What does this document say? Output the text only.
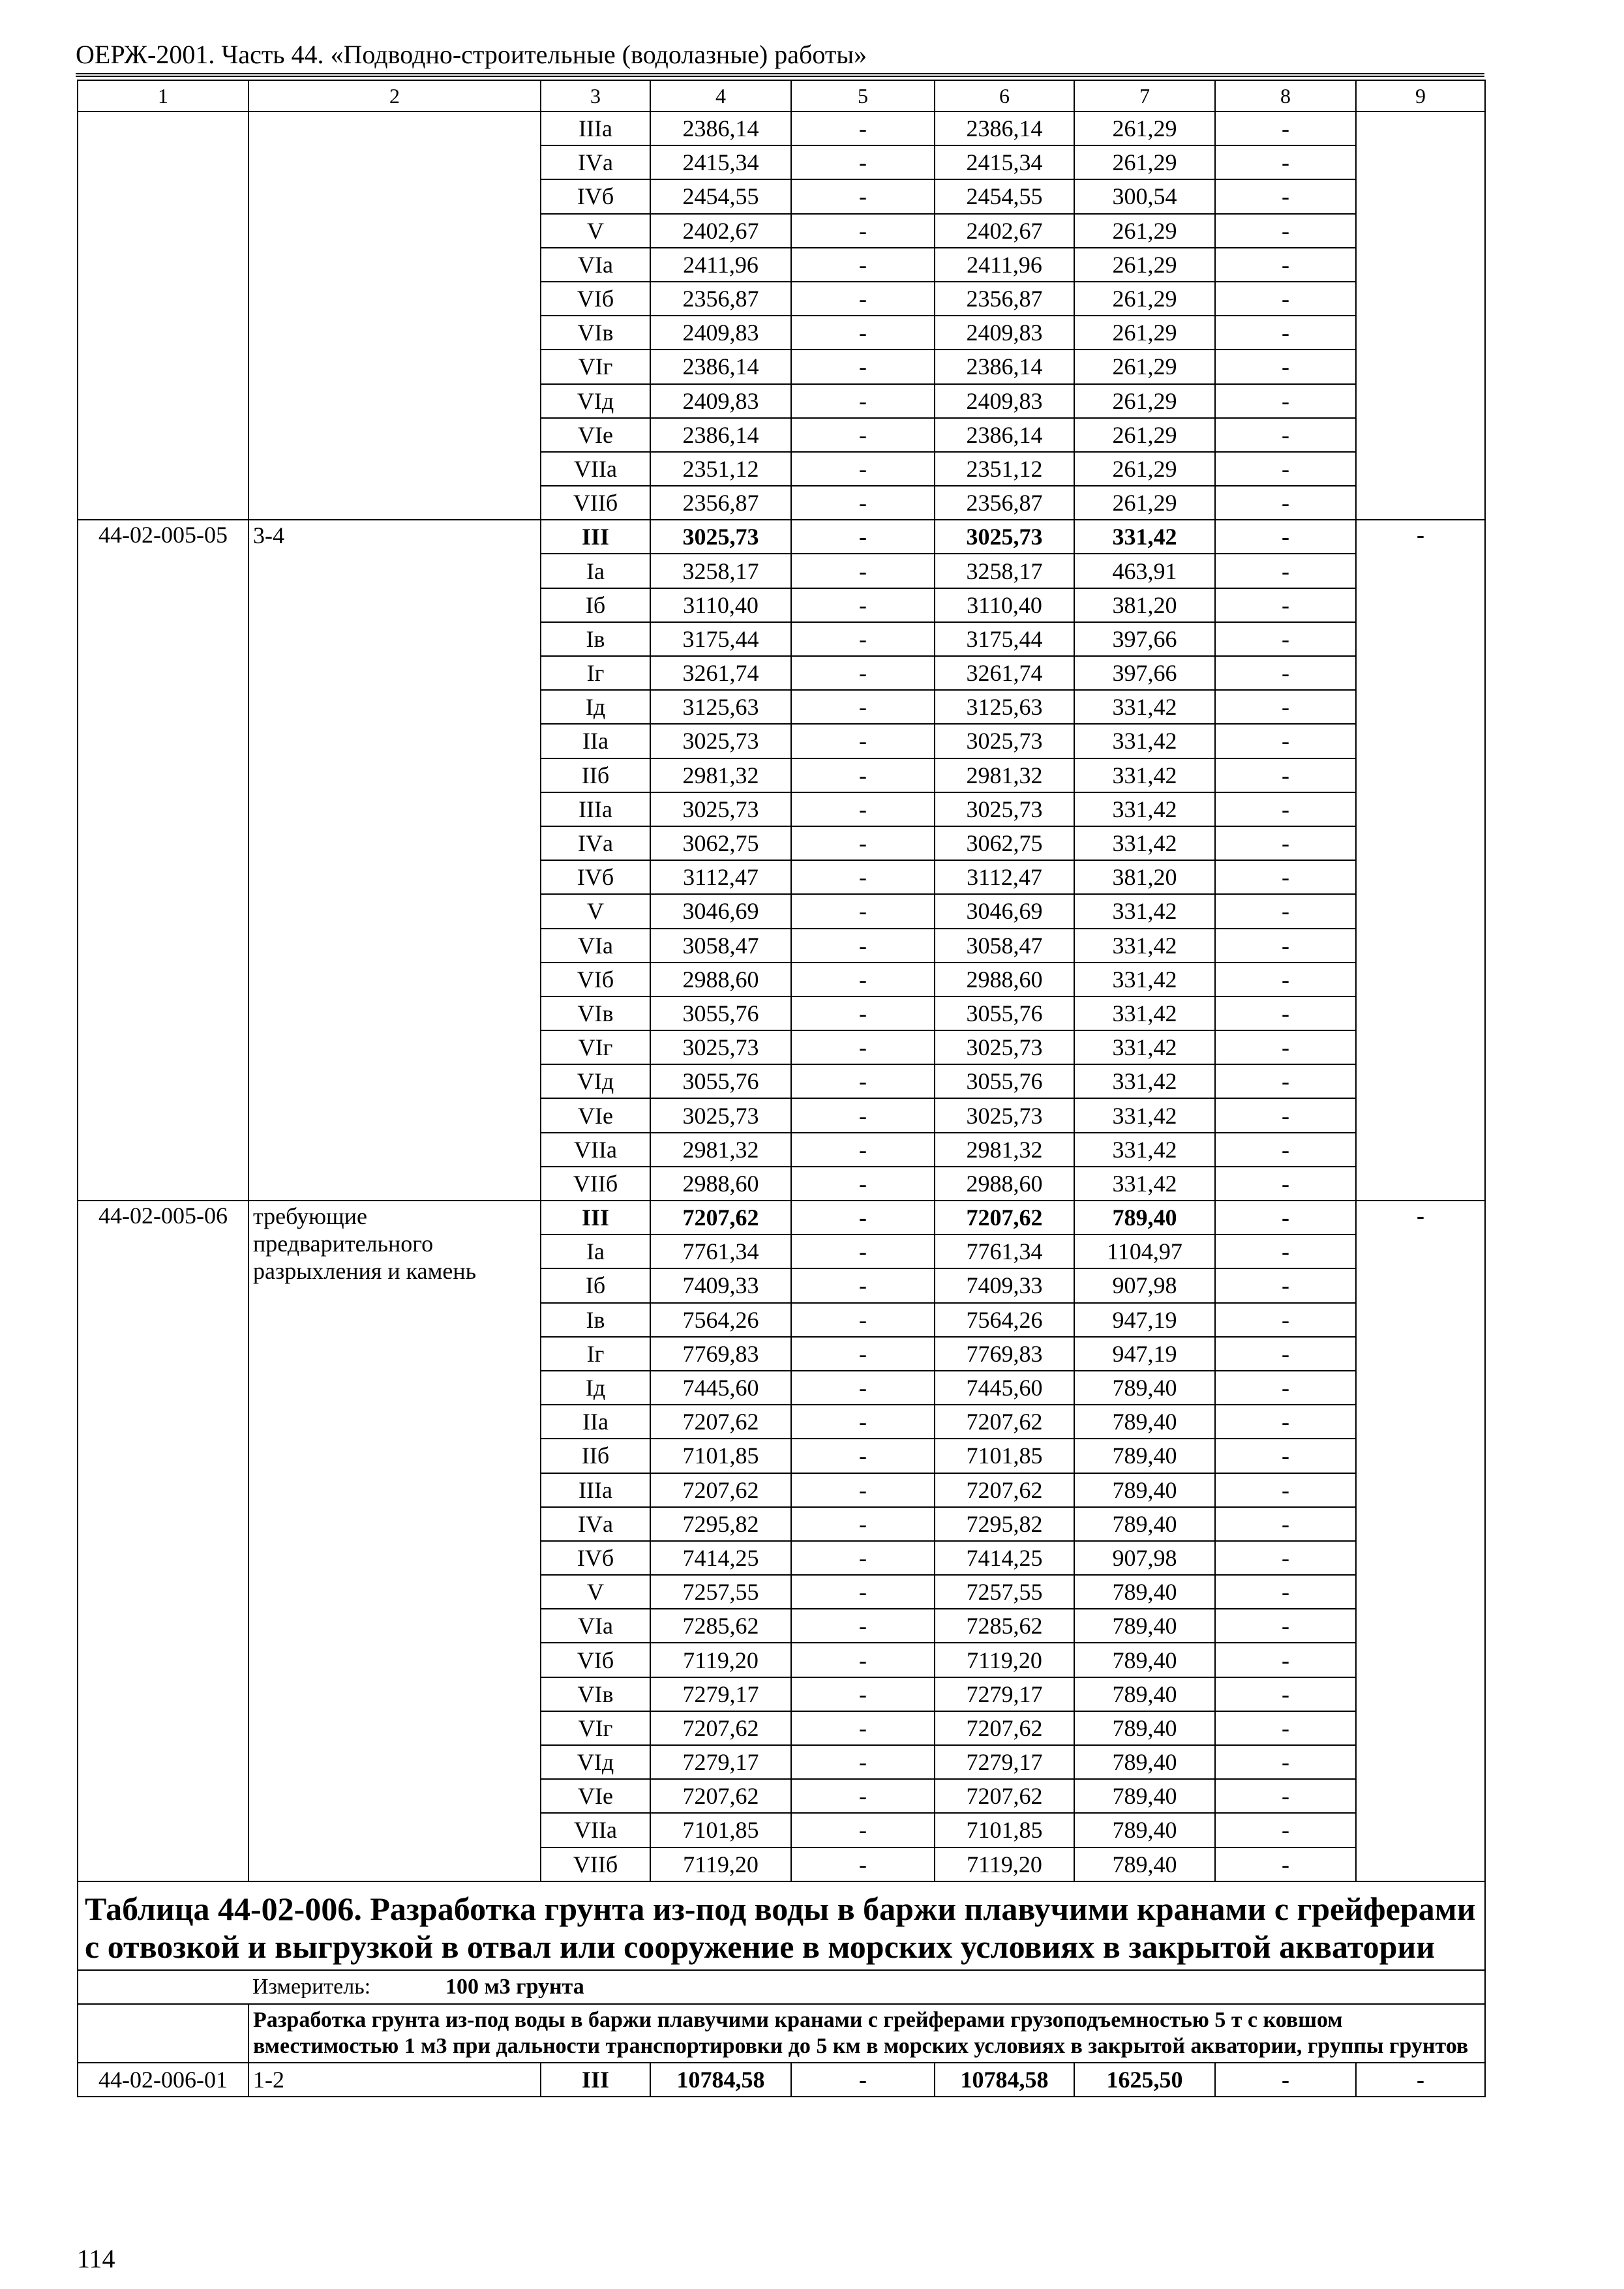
ОЕРЖ-2001. Часть 44. «Подводно-строительные (водолазные) работы»
1	2	3	4	5	6	7	8	9
		IIIа	2386,14	-	2386,14	261,29	-	
		IVа	2415,34	-	2415,34	261,29	-	
		IVб	2454,55	-	2454,55	300,54	-	
		V	2402,67	-	2402,67	261,29	-	
		VIа	2411,96	-	2411,96	261,29	-	
		VIб	2356,87	-	2356,87	261,29	-	
		VIв	2409,83	-	2409,83	261,29	-	
		VIг	2386,14	-	2386,14	261,29	-	
		VIд	2409,83	-	2409,83	261,29	-	
		VIе	2386,14	-	2386,14	261,29	-	
		VIIа	2351,12	-	2351,12	261,29	-	
		VIIб	2356,87	-	2356,87	261,29	-	
44-02-005-05	3-4	III	3025,73	-	3025,73	331,42	-	-
		Iа	3258,17	-	3258,17	463,91	-	
		Iб	3110,40	-	3110,40	381,20	-	
		Iв	3175,44	-	3175,44	397,66	-	
		Iг	3261,74	-	3261,74	397,66	-	
		Iд	3125,63	-	3125,63	331,42	-	
		IIа	3025,73	-	3025,73	331,42	-	
		IIб	2981,32	-	2981,32	331,42	-	
		IIIа	3025,73	-	3025,73	331,42	-	
		IVа	3062,75	-	3062,75	331,42	-	
		IVб	3112,47	-	3112,47	381,20	-	
		V	3046,69	-	3046,69	331,42	-	
		VIа	3058,47	-	3058,47	331,42	-	
		VIб	2988,60	-	2988,60	331,42	-	
		VIв	3055,76	-	3055,76	331,42	-	
		VIг	3025,73	-	3025,73	331,42	-	
		VIд	3055,76	-	3055,76	331,42	-	
		VIе	3025,73	-	3025,73	331,42	-	
		VIIа	2981,32	-	2981,32	331,42	-	
		VIIб	2988,60	-	2988,60	331,42	-	
44-02-005-06	требующие предварительного разрыхления и камень	III	7207,62	-	7207,62	789,40	-	-
		Iа	7761,34	-	7761,34	1104,97	-	
		Iб	7409,33	-	7409,33	907,98	-	
		Iв	7564,26	-	7564,26	947,19	-	
		Iг	7769,83	-	7769,83	947,19	-	
		Iд	7445,60	-	7445,60	789,40	-	
		IIа	7207,62	-	7207,62	789,40	-	
		IIб	7101,85	-	7101,85	789,40	-	
		IIIа	7207,62	-	7207,62	789,40	-	
		IVа	7295,82	-	7295,82	789,40	-	
		IVб	7414,25	-	7414,25	907,98	-	
		V	7257,55	-	7257,55	789,40	-	
		VIа	7285,62	-	7285,62	789,40	-	
		VIб	7119,20	-	7119,20	789,40	-	
		VIв	7279,17	-	7279,17	789,40	-	
		VIг	7207,62	-	7207,62	789,40	-	
		VIд	7279,17	-	7279,17	789,40	-	
		VIе	7207,62	-	7207,62	789,40	-	
		VIIа	7101,85	-	7101,85	789,40	-	
		VIIб	7119,20	-	7119,20	789,40	-	
Таблица 44-02-006. Разработка грунта из-под воды в баржи плавучими кранами с грейферами с отвозкой и выгрузкой в отвал или сооружение в морских условиях в закрытой акватории								
	Измеритель: 100 м3 грунта							
	Разработка грунта из-под воды в баржи плавучими кранами с грейферами грузоподъемностью 5 т с ковшом вместимостью 1 м3 при дальности транспортировки до 5 км в морских условиях в закрытой акватории, группы грунтов							
44-02-006-01	1-2	III	10784,58	-	10784,58	1625,50	-	-
114
